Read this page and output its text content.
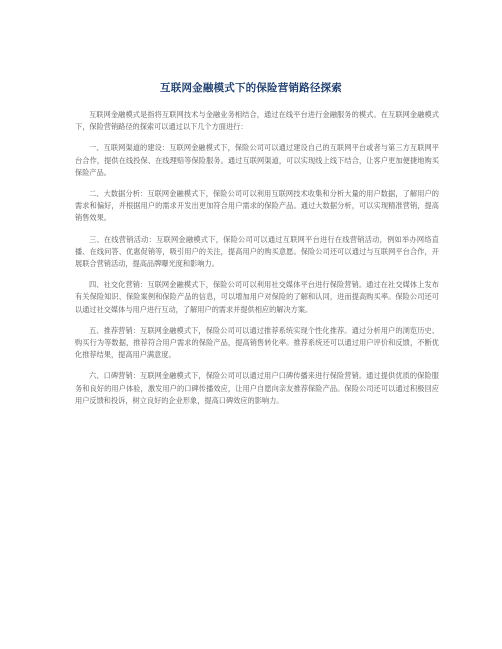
互联网金融模式下的保险营销路径探索

互联网金融模式是指将互联网技术与金融业务相结合，通过在线平台进行金融服务的模式。在互联网金融模式下，保险营销路径的探索可以通过以下几个方面进行：

一、互联网渠道的建设：互联网金融模式下，保险公司可以通过建设自己的互联网平台或者与第三方互联网平台合作，提供在线投保、在线理赔等保险服务。通过互联网渠道，可以实现线上线下结合，让客户更加便捷地购买保险产品。

二、大数据分析：互联网金融模式下，保险公司可以利用互联网技术收集和分析大量的用户数据，了解用户的需求和偏好，并根据用户的需求开发出更加符合用户需求的保险产品。通过大数据分析，可以实现精准营销，提高销售效果。

三、在线营销活动：互联网金融模式下，保险公司可以通过互联网平台进行在线营销活动，例如举办网络直播、在线问答、优惠促销等，吸引用户的关注，提高用户的购买意愿。保险公司还可以通过与互联网平台合作，开展联合营销活动，提高品牌曝光度和影响力。

四、社交化营销：互联网金融模式下，保险公司可以利用社交媒体平台进行保险营销。通过在社交媒体上发布有关保险知识、保险案例和保险产品的信息，可以增加用户对保险的了解和认同，进而提高购买率。保险公司还可以通过社交媒体与用户进行互动，了解用户的需求并提供相应的解决方案。

五、推荐营销：互联网金融模式下，保险公司可以通过推荐系统实现个性化推荐。通过分析用户的浏览历史、购买行为等数据，推荐符合用户需求的保险产品，提高销售转化率。推荐系统还可以通过用户评价和反馈，不断优化推荐结果，提高用户满意度。

六、口碑营销：互联网金融模式下，保险公司可以通过用户口碑传播来进行保险营销。通过提供优质的保险服务和良好的用户体验，激发用户的口碑传播效应，让用户自愿向亲友推荐保险产品。保险公司还可以通过积极回应用户反馈和投诉，树立良好的企业形象，提高口碑效应的影响力。
